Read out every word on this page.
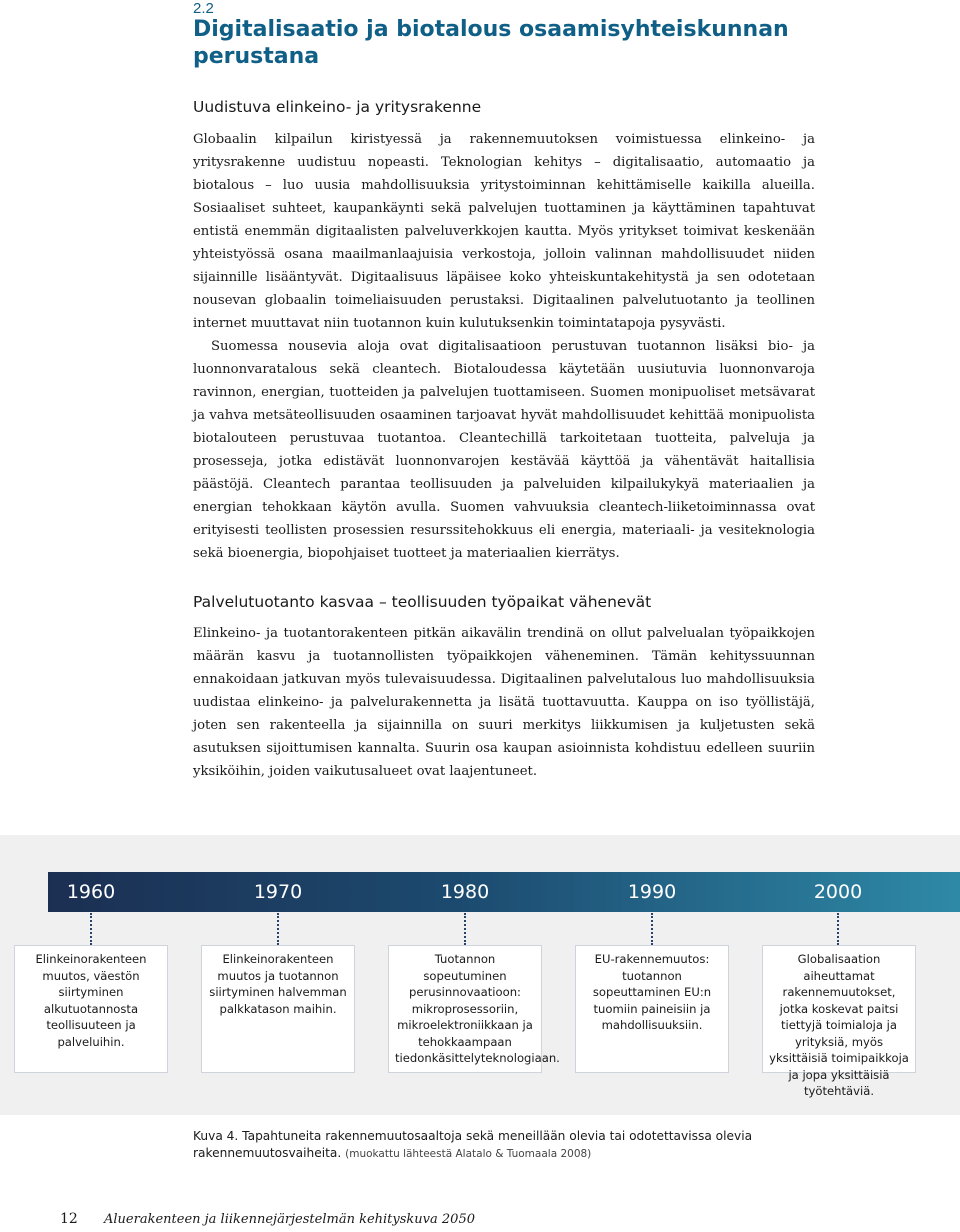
2.2
Digitalisaatio ja biotalous osaamisyhteiskunnan perustana
Uudistuva elinkeino- ja yritysrakenne

Globaalin kilpailun kiristyessä ja rakennemuutoksen voimistuessa elinkeino- ja yritysrakenne uudistuu nopeasti. Teknologian kehitys – digitalisaatio, automaatio ja biotalous – luo uusia mahdollisuuksia yritystoiminnan kehittämiselle kaikilla alueilla. Sosiaaliset suhteet, kaupankäynti sekä palvelujen tuottaminen ja käyttäminen tapahtuvat entistä enemmän digitaalisten palveluverkkojen kautta. Myös yritykset toimivat keskenään yhteistyössä osana maailmanlaajuisia verkostoja, jolloin valinnan mahdollisuudet niiden sijainnille lisääntyvät. Digitaalisuus läpäisee koko yhteiskuntakehitystä ja sen odotetaan nousevan globaalin toimeliaisuuden perustaksi. Digitaalinen palvelutuotanto ja teollinen internet muuttavat niin tuotannon kuin kulutuksenkin toimintatapoja pysyvästi.

Suomessa nousevia aloja ovat digitalisaatioon perustuvan tuotannon lisäksi bio- ja luonnonvaratalous sekä cleantech. Biotaloudessa käytetään uusiutuvia luonnonvaroja ravinnon, energian, tuotteiden ja palvelujen tuottamiseen. Suomen monipuoliset metsävarat ja vahva metsäteollisuuden osaaminen tarjoavat hyvät mahdollisuudet kehittää monipuolista biotalouteen perustuvaa tuotantoa. Cleantechillä tarkoitetaan tuotteita, palveluja ja prosesseja, jotka edistävät luonnonvarojen kestävää käyttöä ja vähentävät haitallisia päästöjä. Cleantech parantaa teollisuuden ja palveluiden kilpailukykyä materiaalien ja energian tehokkaan käytön avulla. Suomen vahvuuksia cleantech-liiketoiminnassa ovat erityisesti teollisten prosessien resurssitehokkuus eli energia, materiaali- ja vesiteknologia sekä bioenergia, biopohjaiset tuotteet ja materiaalien kierrätys.

Palvelutuotanto kasvaa – teollisuuden työpaikat vähenevät

Elinkeino- ja tuotantorakenteen pitkän aikavälin trendinä on ollut palvelualan työpaikkojen määrän kasvu ja tuotannollisten työpaikkojen väheneminen. Tämän kehityssuunnan ennakoidaan jatkuvan myös tulevaisuudessa. Digitaalinen palvelutalous luo mahdollisuuksia uudistaa elinkeino- ja palvelurakennetta ja lisätä tuottavuutta. Kauppa on iso työllistäjä, joten sen rakenteella ja sijainnilla on suuri merkitys liikkumisen ja kuljetusten sekä asutuksen sijoittumisen kannalta. Suurin osa kaupan asioinnista kohdistuu edelleen suuriin yksiköihin, joiden vaikutusalueet ovat laajentuneet.

1960	1970	1980	1990	2000
Elinkeinorakenteen muutos, väestön siirtyminen alkutuotannosta teollisuuteen ja palveluihin.
Elinkeinorakenteen muutos ja tuotannon siirtyminen halvemman palkkatason maihin.
Tuotannon sopeutuminen perusinnovaatioon: mikroprosessoriin, mikroelektroniikkaan ja tehokkaampaan tiedonkäsittelyteknologiaan.
EU-rakennemuutos: tuotannon sopeuttaminen EU:n tuomiin paineisiin ja mahdollisuuksiin.
Globalisaation aiheuttamat rakennemuutokset, jotka koskevat paitsi tiettyjä toimialoja ja yrityksiä, myös yksittäisiä toimipaikkoja ja jopa yksittäisiä työtehtäviä.

Kuva 4. Tapahtuneita rakennemuutosaaltoja sekä meneillään olevia tai odotettavissa olevia rakennemuutosvaiheita. (muokattu lähteestä Alatalo & Tuomaala 2008)

12 Aluerakenteen ja liikennejärjestelmän kehityskuva 2050
